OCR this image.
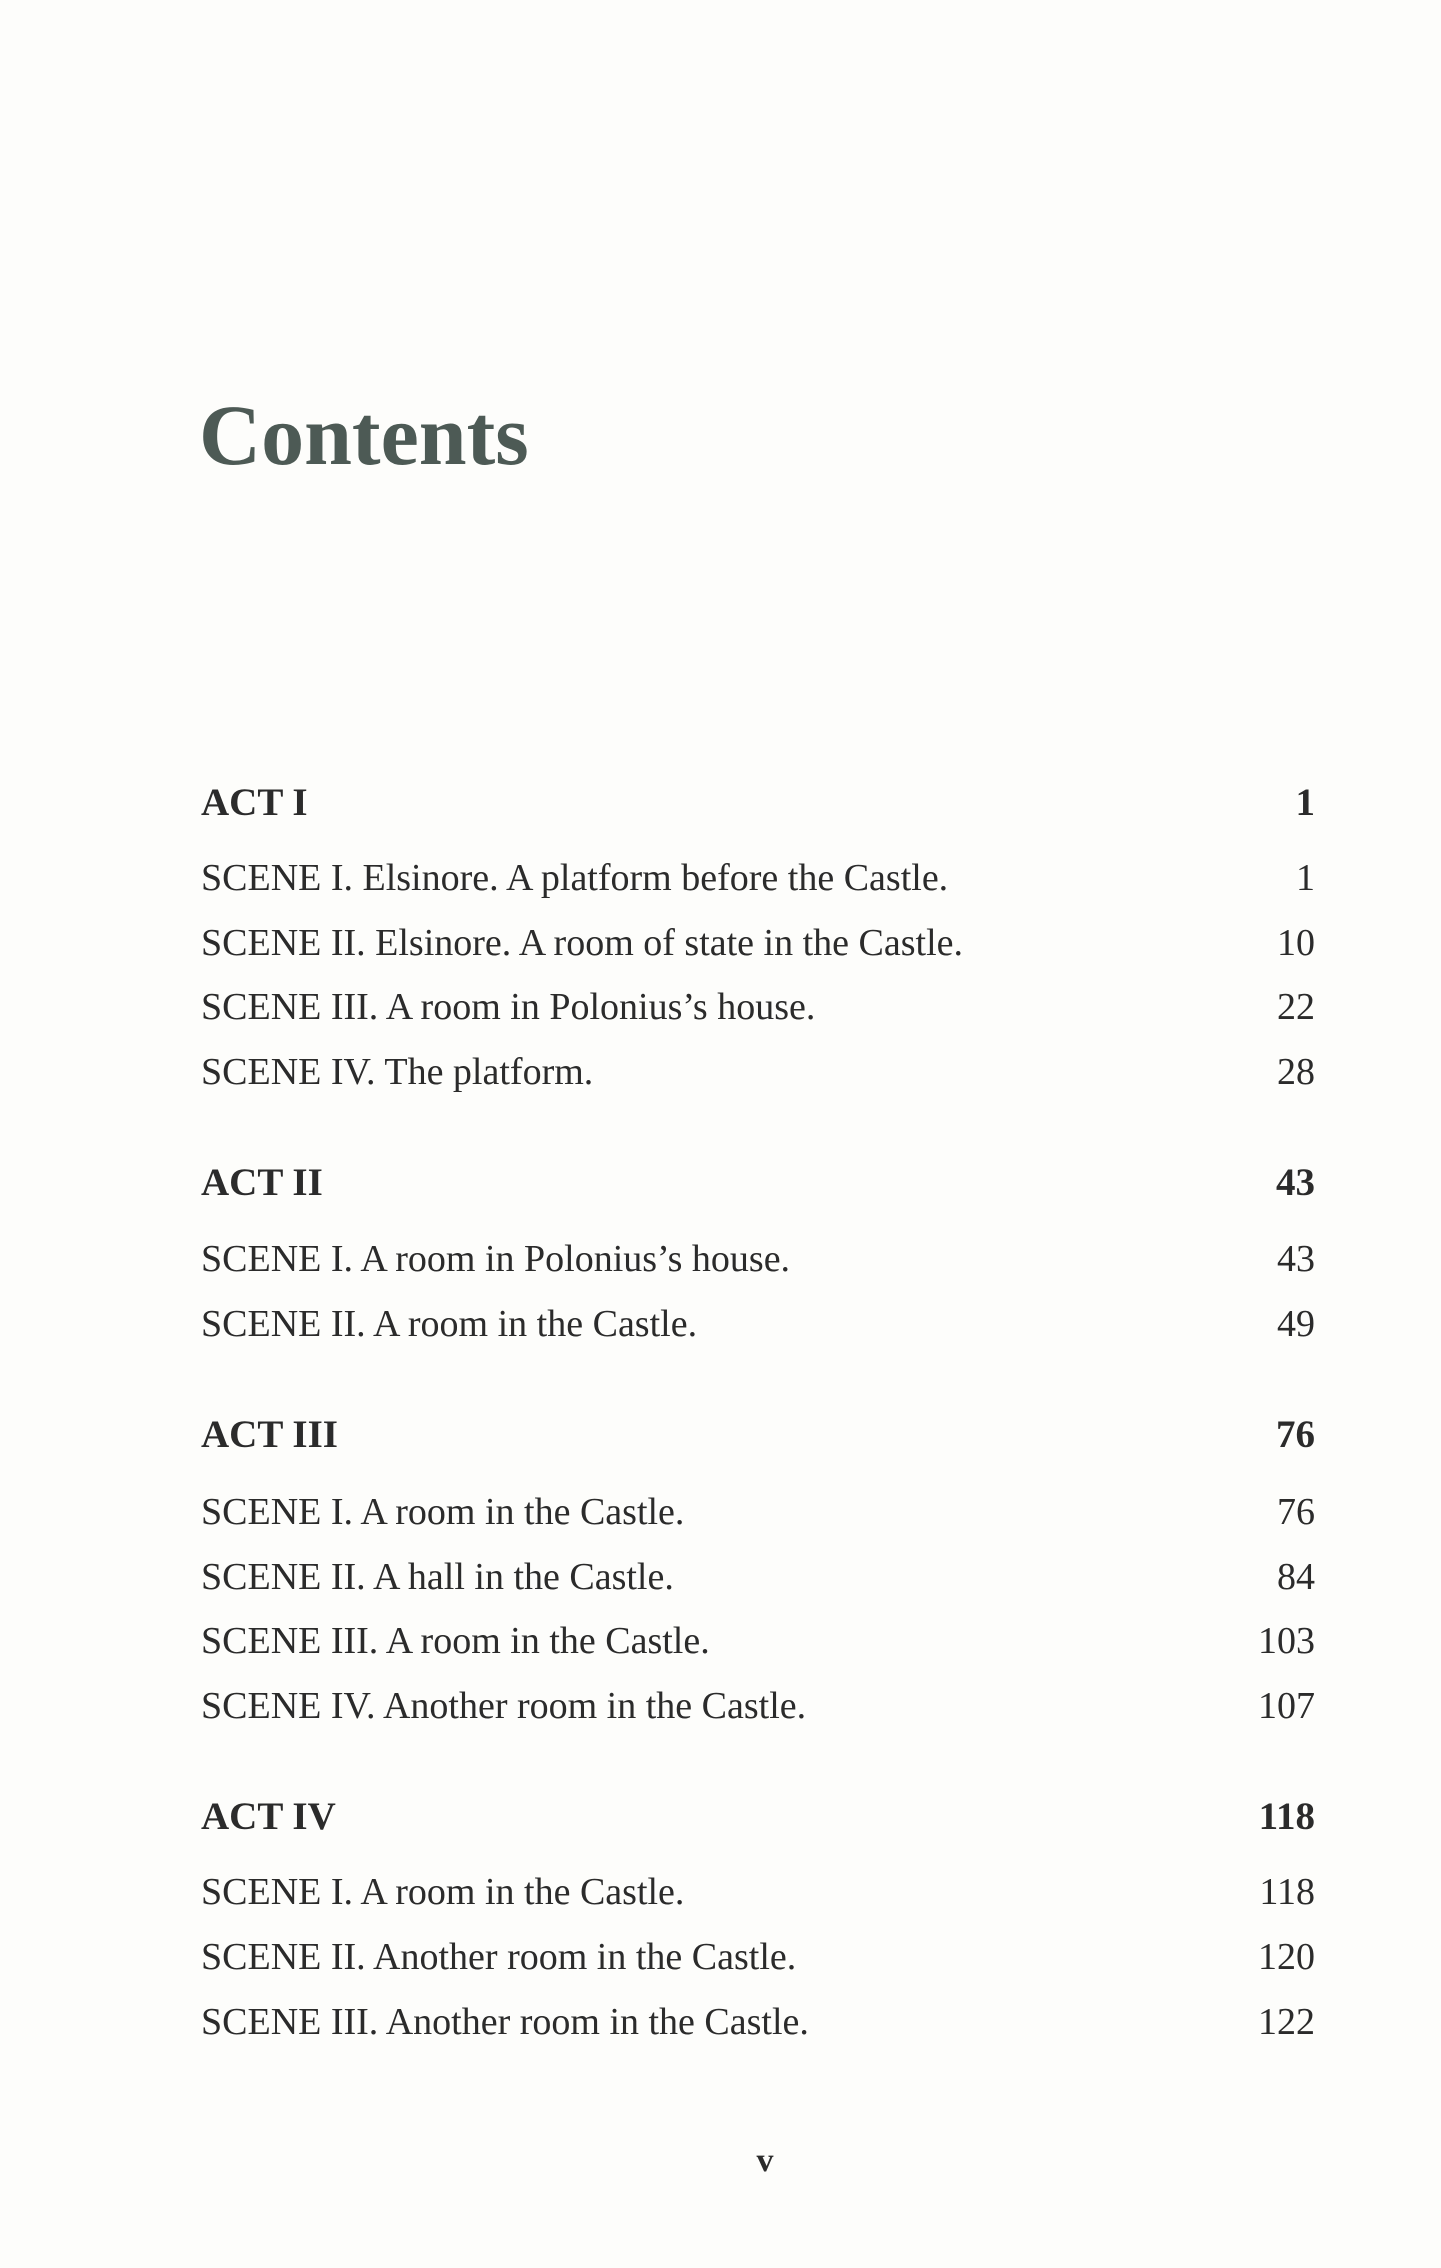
Contents
ACT I	1
SCENE I. Elsinore. A platform before the Castle.	1
SCENE II. Elsinore. A room of state in the Castle.	10
SCENE III. A room in Polonius’s house.	22
SCENE IV. The platform.	28
ACT II	43
SCENE I. A room in Polonius’s house.	43
SCENE II. A room in the Castle.	49
ACT III	76
SCENE I. A room in the Castle.	76
SCENE II. A hall in the Castle.	84
SCENE III. A room in the Castle.	103
SCENE IV. Another room in the Castle.	107
ACT IV	118
SCENE I. A room in the Castle.	118
SCENE II. Another room in the Castle.	120
SCENE III. Another room in the Castle.	122
v
